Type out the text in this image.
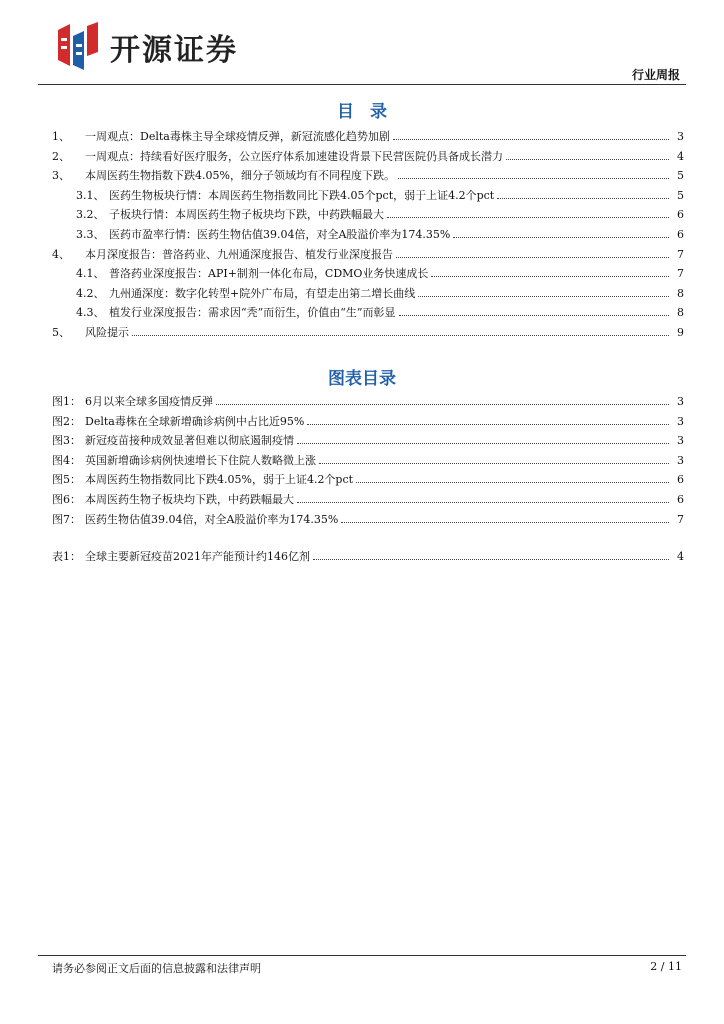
开源证券
行业周报
目录
1、	一周观点：Delta毒株主导全球疫情反弹，新冠流感化趋势加剧	3
2、	一周观点：持续看好医疗服务，公立医疗体系加速建设背景下民营医院仍具备成长潜力	4
3、	本周医药生物指数下跌4.05%，细分子领域均有不同程度下跌。	5
3.1、 医药生物板块行情：本周医药生物指数同比下跌4.05个pct，弱于上证4.2个pct	5
3.2、 子板块行情：本周医药生物子板块均下跌，中药跌幅最大	6
3.3、 医药市盈率行情：医药生物估值39.04倍，对全A股溢价率为174.35%	6
4、	本月深度报告：普洛药业、九州通深度报告、植发行业深度报告	7
4.1、 普洛药业深度报告：API+制剂一体化布局，CDMO业务快速成长	7
4.2、 九州通深度：数字化转型+院外广布局，有望走出第二增长曲线	8
4.3、 植发行业深度报告：需求因“秃”而衍生，价值由“生”而彰显	8
5、	风险提示	9
图表目录
图1： 6月以来全球多国疫情反弹	3
图2： Delta毒株在全球新增确诊病例中占比近95%	3
图3： 新冠疫苗接种成效显著但难以彻底遏制疫情	3
图4： 英国新增确诊病例快速增长下住院人数略微上涨	3
图5： 本周医药生物指数同比下跌4.05%，弱于上证4.2个pct	6
图6： 本周医药生物子板块均下跌，中药跌幅最大	6
图7： 医药生物估值39.04倍，对全A股溢价率为174.35%	7
表1： 全球主要新冠疫苗2021年产能预计约146亿剂	4
请务必参阅正文后面的信息披露和法律声明	2 / 11
